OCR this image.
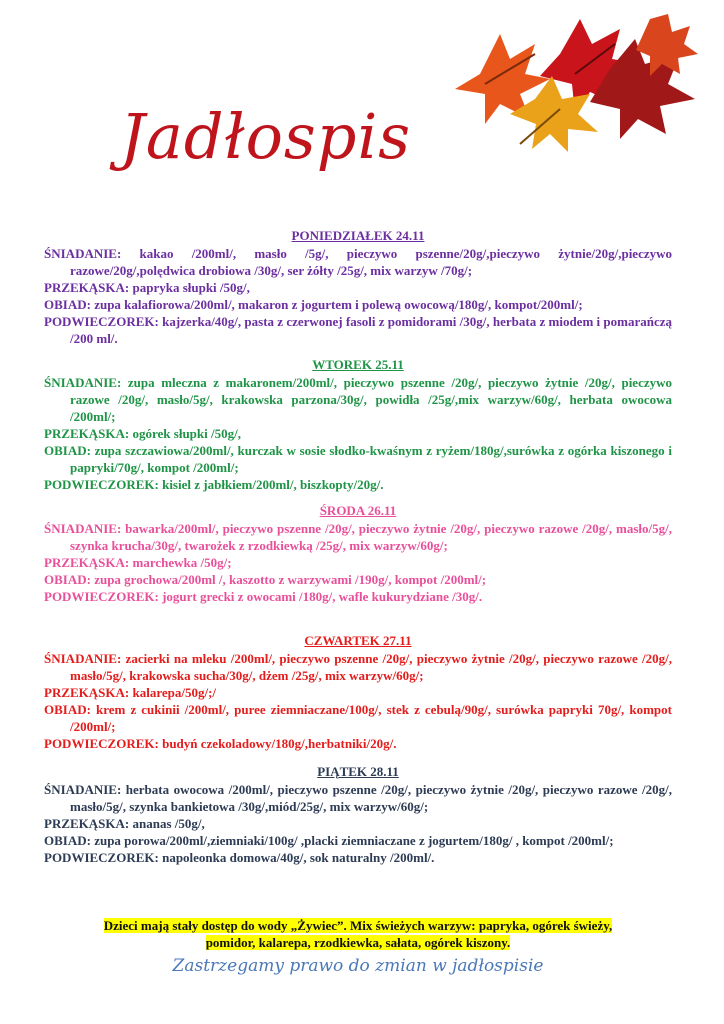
Jadłospis
PONIEDZIAŁEK 24.11

ŚNIADANIE: kakao /200ml/, masło /5g/, pieczywo pszenne/20g/,pieczywo żytnie/20g/,pieczywo razowe/20g/,polędwica drobiowa /30g/, ser żółty /25g/, mix warzyw /70g/;

PRZEKĄSKA: papryka słupki /50g/,

OBIAD: zupa kalafiorowa/200ml/, makaron z jogurtem i polewą owocową/180g/, kompot/200ml/;

PODWIECZOREK: kajzerka/40g/, pasta z czerwonej fasoli z pomidorami /30g/, herbata z miodem i pomarańczą /200 ml/.

WTOREK 25.11

ŚNIADANIE: zupa mleczna z makaronem/200ml/, pieczywo pszenne /20g/, pieczywo żytnie /20g/, pieczywo razowe /20g/, masło/5g/, krakowska parzona/30g/, powidła /25g/,mix warzyw/60g/, herbata owocowa /200ml/;

PRZEKĄSKA: ogórek słupki /50g/,

OBIAD: zupa szczawiowa/200ml/, kurczak w sosie słodko-kwaśnym z ryżem/180g/,surówka z ogórka kiszonego i papryki/70g/, kompot /200ml/;

PODWIECZOREK: kisiel z jabłkiem/200ml/, biszkopty/20g/.

ŚRODA 26.11

ŚNIADANIE: bawarka/200ml/, pieczywo pszenne /20g/, pieczywo żytnie /20g/, pieczywo razowe /20g/, masło/5g/, szynka krucha/30g/, twarożek z rzodkiewką /25g/, mix warzyw/60g/;

PRZEKĄSKA: marchewka /50g/;

OBIAD: zupa grochowa/200ml /, kaszotto z warzywami /190g/, kompot /200ml/;

PODWIECZOREK: jogurt grecki z owocami /180g/, wafle kukurydziane /30g/.

CZWARTEK 27.11

ŚNIADANIE: zacierki na mleku /200ml/, pieczywo pszenne /20g/, pieczywo żytnie /20g/, pieczywo razowe /20g/, masło/5g/, krakowska sucha/30g/, dżem /25g/, mix warzyw/60g/;

PRZEKĄSKA: kalarepa/50g/;/

OBIAD: krem z cukinii /200ml/, puree ziemniaczane/100g/, stek z cebulą/90g/, surówka papryki 70g/, kompot /200ml/;

PODWIECZOREK: budyń czekoladowy/180g/,herbatniki/20g/.

PIĄTEK 28.11

ŚNIADANIE: herbata owocowa /200ml/, pieczywo pszenne /20g/, pieczywo żytnie /20g/, pieczywo razowe /20g/, masło/5g/, szynka bankietowa /30g/,miód/25g/, mix warzyw/60g/;

PRZEKĄSKA: ananas /50g/,

OBIAD: zupa porowa/200ml/,ziemniaki/100g/ ,placki ziemniaczane z jogurtem/180g/ , kompot /200ml/;

PODWIECZOREK: napoleonka domowa/40g/, sok naturalny /200ml/.

Dzieci mają stały dostęp do wody „Żywiec”. Mix świeżych warzyw: papryka, ogórek świeży,
pomidor, kalarepa, rzodkiewka, sałata, ogórek kiszony.
Zastrzegamy prawo do zmian w jadłospisie
